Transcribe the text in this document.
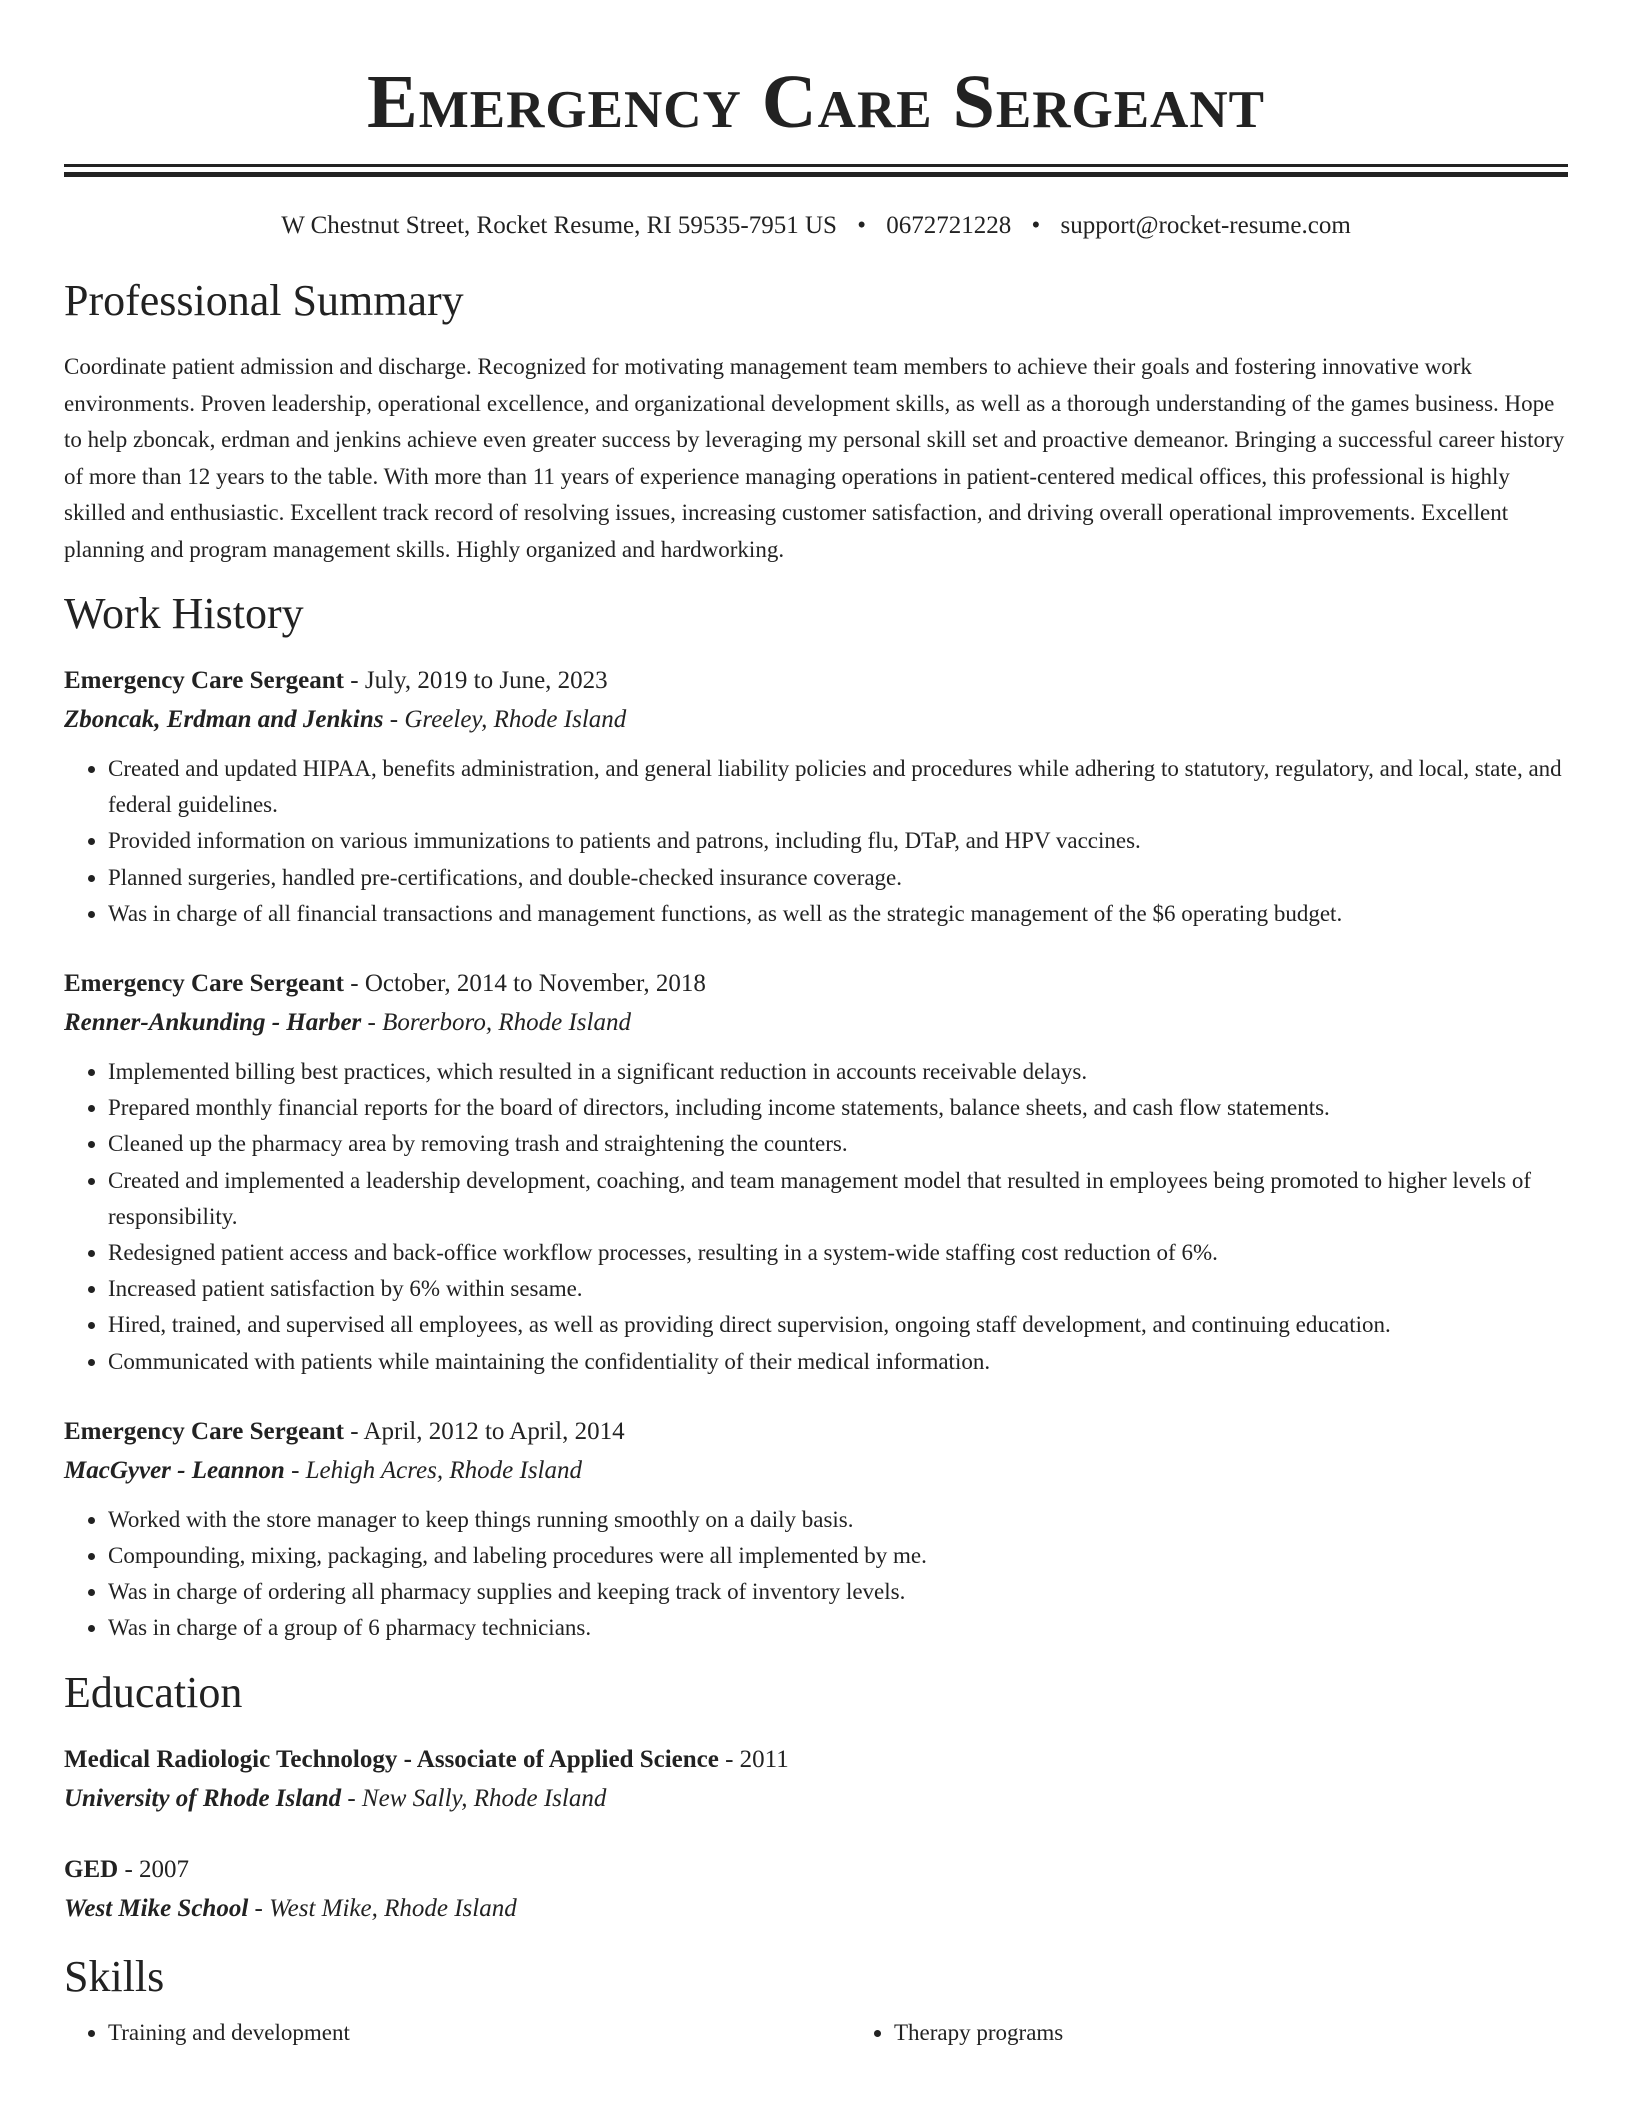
Emergency Care Sergeant
W Chestnut Street, Rocket Resume, RI 59535-7951 US • 0672721228 • support@rocket-resume.com
Professional Summary
Coordinate patient admission and discharge. Recognized for motivating management team members to achieve their goals and fostering innovative work environments. Proven leadership, operational excellence, and organizational development skills, as well as a thorough understanding of the games business. Hope to help zboncak, erdman and jenkins achieve even greater success by leveraging my personal skill set and proactive demeanor. Bringing a successful career history of more than 12 years to the table. With more than 11 years of experience managing operations in patient-centered medical offices, this professional is highly skilled and enthusiastic. Excellent track record of resolving issues, increasing customer satisfaction, and driving overall operational improvements. Excellent planning and program management skills. Highly organized and hardworking.
Work History
Emergency Care Sergeant - July, 2019 to June, 2023
Zboncak, Erdman and Jenkins - Greeley, Rhode Island
• Created and updated HIPAA, benefits administration, and general liability policies and procedures while adhering to statutory, regulatory, and local, state, and federal guidelines.
• Provided information on various immunizations to patients and patrons, including flu, DTaP, and HPV vaccines.
• Planned surgeries, handled pre-certifications, and double-checked insurance coverage.
• Was in charge of all financial transactions and management functions, as well as the strategic management of the $6 operating budget.
Emergency Care Sergeant - October, 2014 to November, 2018
Renner-Ankunding - Harber - Borerboro, Rhode Island
• Implemented billing best practices, which resulted in a significant reduction in accounts receivable delays.
• Prepared monthly financial reports for the board of directors, including income statements, balance sheets, and cash flow statements.
• Cleaned up the pharmacy area by removing trash and straightening the counters.
• Created and implemented a leadership development, coaching, and team management model that resulted in employees being promoted to higher levels of responsibility.
• Redesigned patient access and back-office workflow processes, resulting in a system-wide staffing cost reduction of 6%.
• Increased patient satisfaction by 6% within sesame.
• Hired, trained, and supervised all employees, as well as providing direct supervision, ongoing staff development, and continuing education.
• Communicated with patients while maintaining the confidentiality of their medical information.
Emergency Care Sergeant - April, 2012 to April, 2014
MacGyver - Leannon - Lehigh Acres, Rhode Island
• Worked with the store manager to keep things running smoothly on a daily basis.
• Compounding, mixing, packaging, and labeling procedures were all implemented by me.
• Was in charge of ordering all pharmacy supplies and keeping track of inventory levels.
• Was in charge of a group of 6 pharmacy technicians.
Education
Medical Radiologic Technology - Associate of Applied Science - 2011
University of Rhode Island - New Sally, Rhode Island
GED - 2007
West Mike School - West Mike, Rhode Island
Skills
• Training and development
•	Therapy programs
